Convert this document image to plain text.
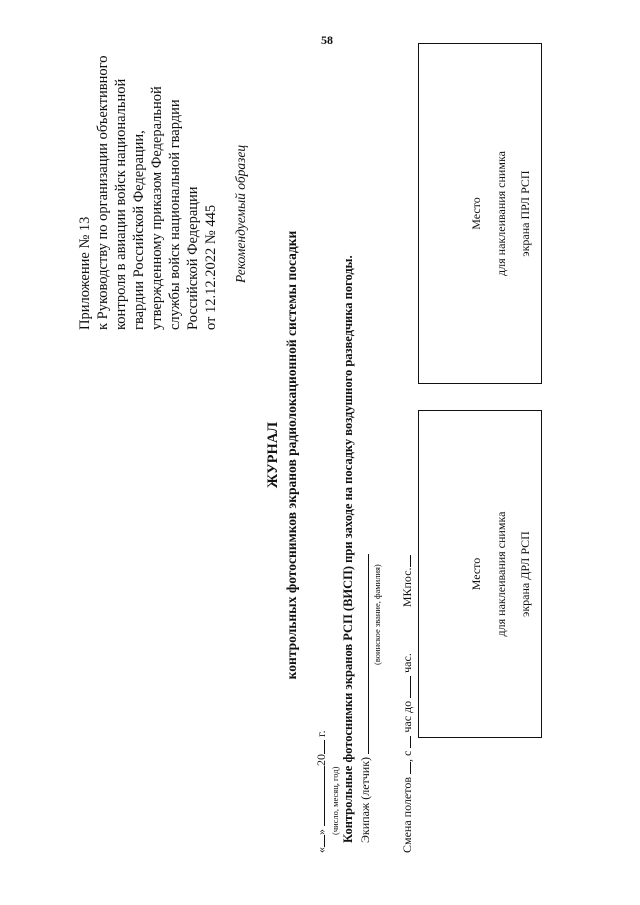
58
Приложение № 13 к Руководству по организации объективного контроля в авиации войск национальной гвардии Российской Федерации, утвержденному приказом Федеральной службы войск национальной гвардии Российской Федерации от 12.12.2022 № 445 Рекомендуемый образец
ЖУРНАЛ контрольных фотоснимков экранов радиолокационной системы посадки
«» 20 г.
(число, месяц, год) Контрольные фотоснимки экранов РСП (ВИСП) при заходе на посадку воздушного разведчика погоды. Экипаж (летчик)
(воинское звание, фамилия)
Смена полетов , с  час до  час.  МКпос.	Место для наклеивания снимка экрана ДРЛ РСП
Место для наклеивания снимка экрана ПРЛ РСП
